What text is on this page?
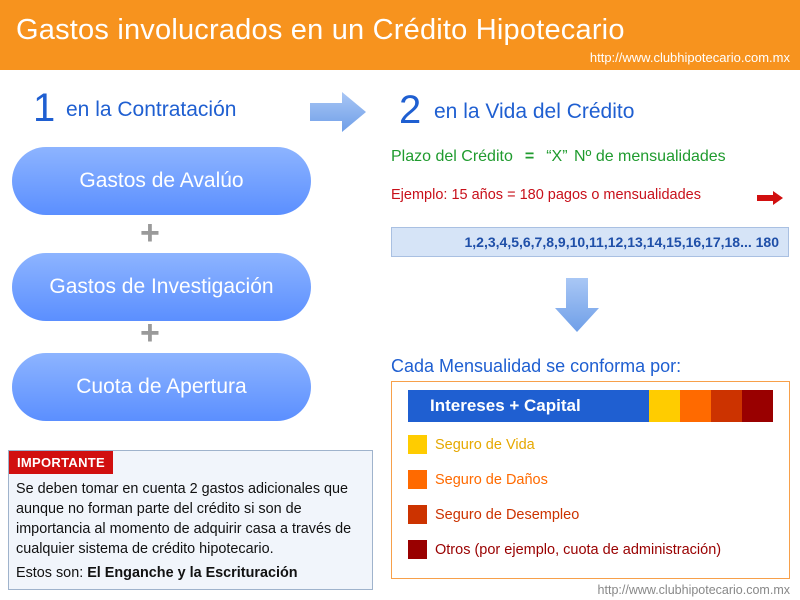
Gastos involucrados en un Crédito Hipotecario
http://www.clubhipotecario.com.mx
1 en la Contratación	2 en la Vida del Crédito
Gastos de Avalúo
+
Gastos de Investigación
+
Cuota de Apertura
IMPORTANTE
Se deben tomar en cuenta 2 gastos adicionales que aunque no forman parte del crédito si son de importancia al momento de adquirir casa a través de cualquier sistema de crédito hipotecario.
Estos son: El Enganche y la Escrituración
Plazo del Crédito = “X” Nº de mensualidades
Ejemplo: 15 años = 180 pagos o mensualidades
1,2,3,4,5,6,7,8,9,10,11,12,13,14,15,16,17,18... 180
Cada Mensualidad se conforma por:
Intereses + Capital
Seguro de Vida
Seguro de Daños
Seguro de Desempleo
Otros (por ejemplo, cuota de administración)
http://www.clubhipotecario.com.mx
